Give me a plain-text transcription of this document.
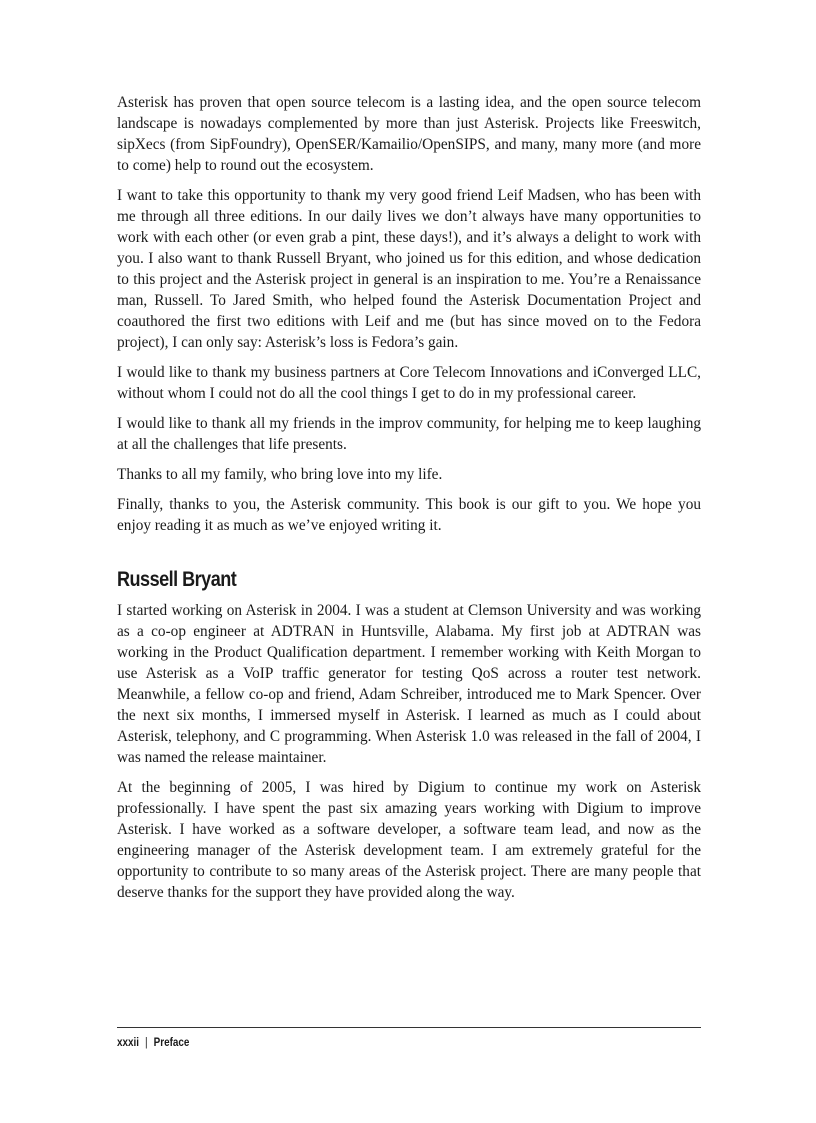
Asterisk has proven that open source telecom is a lasting idea, and the open source telecom landscape is nowadays complemented by more than just Asterisk. Projects like Freeswitch, sipXecs (from SipFoundry), OpenSER/Kamailio/OpenSIPS, and many, many more (and more to come) help to round out the ecosystem.

I want to take this opportunity to thank my very good friend Leif Madsen, who has been with me through all three editions. In our daily lives we don’t always have many opportunities to work with each other (or even grab a pint, these days!), and it’s always a delight to work with you. I also want to thank Russell Bryant, who joined us for this edition, and whose dedication to this project and the Asterisk project in general is an inspiration to me. You’re a Renaissance man, Russell. To Jared Smith, who helped found the Asterisk Documentation Project and coauthored the first two editions with Leif and me (but has since moved on to the Fedora project), I can only say: Asterisk’s loss is Fedora’s gain.

I would like to thank my business partners at Core Telecom Innovations and iConverged LLC, without whom I could not do all the cool things I get to do in my professional career.

I would like to thank all my friends in the improv community, for helping me to keep laughing at all the challenges that life presents.

Thanks to all my family, who bring love into my life.

Finally, thanks to you, the Asterisk community. This book is our gift to you. We hope you enjoy reading it as much as we’ve enjoyed writing it.

Russell Bryant

I started working on Asterisk in 2004. I was a student at Clemson University and was working as a co-op engineer at ADTRAN in Huntsville, Alabama. My first job at ADTRAN was working in the Product Qualification department. I remember working with Keith Morgan to use Asterisk as a VoIP traffic generator for testing QoS across a router test network. Meanwhile, a fellow co-op and friend, Adam Schreiber, introduced me to Mark Spencer. Over the next six months, I immersed myself in Asterisk. I learned as much as I could about Asterisk, telephony, and C programming. When Asterisk 1.0 was released in the fall of 2004, I was named the release maintainer.

At the beginning of 2005, I was hired by Digium to continue my work on Asterisk professionally. I have spent the past six amazing years working with Digium to improve Asterisk. I have worked as a software developer, a software team lead, and now as the engineering manager of the Asterisk development team. I am extremely grateful for the opportunity to contribute to so many areas of the Asterisk project. There are many people that deserve thanks for the support they have provided along the way.

xxxii | Preface
